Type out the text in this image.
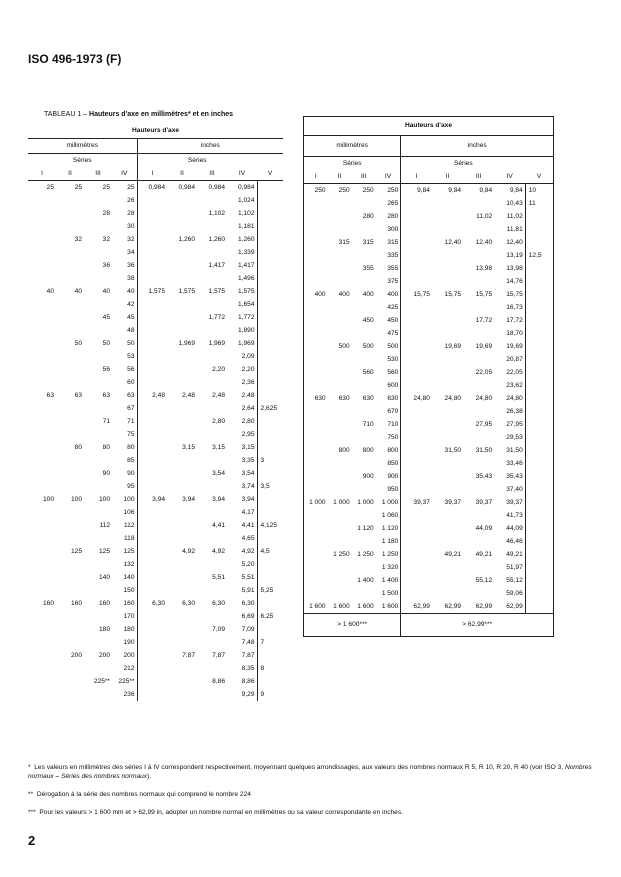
ISO 496-1973 (F)
TABLEAU 1 – Hauteurs d'axe en millimètres* et en inches
Hauteurs d'axe								
millimètres				inches				
Séries				Séries				
I	II	III	IV	I	II	III	IV	V
25	25	25	25	0,984	0,984	0,984	0,984	
			26				1,024	
		28	28			1,102	1,102	
			30				1,181	
	32	32	32		1,260	1,260	1,260	
			34				1,339	
		36	36			1,417	1,417	
			38				1,496	
40	40	40	40	1,575	1,575	1,575	1,575	
			42				1,654	
		45	45			1,772	1,772	
			48				1,890	
	50	50	50		1,969	1,969	1,969	
			53				2,09	
		56	56			2,20	2,20	
			60				2,36	
63	63	63	63	2,48	2,48	2,48	2,48	
			67				2,64	2,625
		71	71			2,80	2,80	
			75				2,95	
	80	80	80		3,15	3,15	3,15	
			85				3,35	3
		90	90			3,54	3,54	
			95				3,74	3,5
100	100	100	100	3,94	3,94	3,94	3,94	
			106				4,17	
		112	112			4,41	4,41	4,125
			118				4,65	
	125	125	125		4,92	4,92	4,92	4,5
			132				5,20	
		140	140			5,51	5,51	
			150				5,91	5,25
160	160	160	160	6,30	6,30	6,30	6,30	
			170				6,69	6,25
		180	180			7,09	7,09	
			190				7,48	7
	200	200	200		7,87	7,87	7,87	
			212				8,35	8
		225**	225**			8,86	8,86	
			236				9,29	9
Hauteurs d'axe								
millimètres				inches				
Séries				Séries				
I	II	III	IV	I	II	III	IV	V
250	250	250	250	9,84	9,84	9,84	9,84	10
			265				10,43	11
		280	280			11,02	11,02	
			300				11,81	
	315	315	315		12,40	12,40	12,40	
			335				13,19	12,5
		355	355			13,98	13,98	
			375				14,76	
400	400	400	400	15,75	15,75	15,75	15,75	
			425				16,73	
		450	450			17,72	17,72	
			475				18,70	
	500	500	500		19,69	19,69	19,69	
			530				20,87	
		560	560			22,05	22,05	
			600				23,62	
630	630	630	630	24,80	24,80	24,80	24,80	
			670				26,38	
		710	710			27,95	27,95	
			750				29,53	
	800	800	800		31,50	31,50	31,50	
			850				33,46	
		900	900			35,43	35,43	
			950				37,40	
1 000	1 000	1 000	1 000	39,37	39,37	39,37	39,37	
			1 060				41,73	
		1 120	1 120			44,09	44,09	
			1 180				46,46	
	1 250	1 250	1 250		49,21	49,21	49,21	
			1 320				51,97	
		1 400	1 400			55,12	55,12	
			1 500				59,06	
1 600	1 600	1 600	1 600	62,99	62,99	62,99	62,99	
> 1 600***				> 62,99***				
* Les valeurs en millimètres des séries I à IV correspondent respectivement, moyennant quelques arrondissages, aux valeurs des nombres normaux R 5, R 10, R 20, R 40 (voir ISO 3, Nombres normaux – Séries des nombres normaux).
** Dérogation à la série des nombres normaux qui comprend le nombre 224
*** Pour les valeurs > 1 600 mm et > 62,99 in, adopter un nombre normal en millimètres ou sa valeur correspondante en inches.
2
